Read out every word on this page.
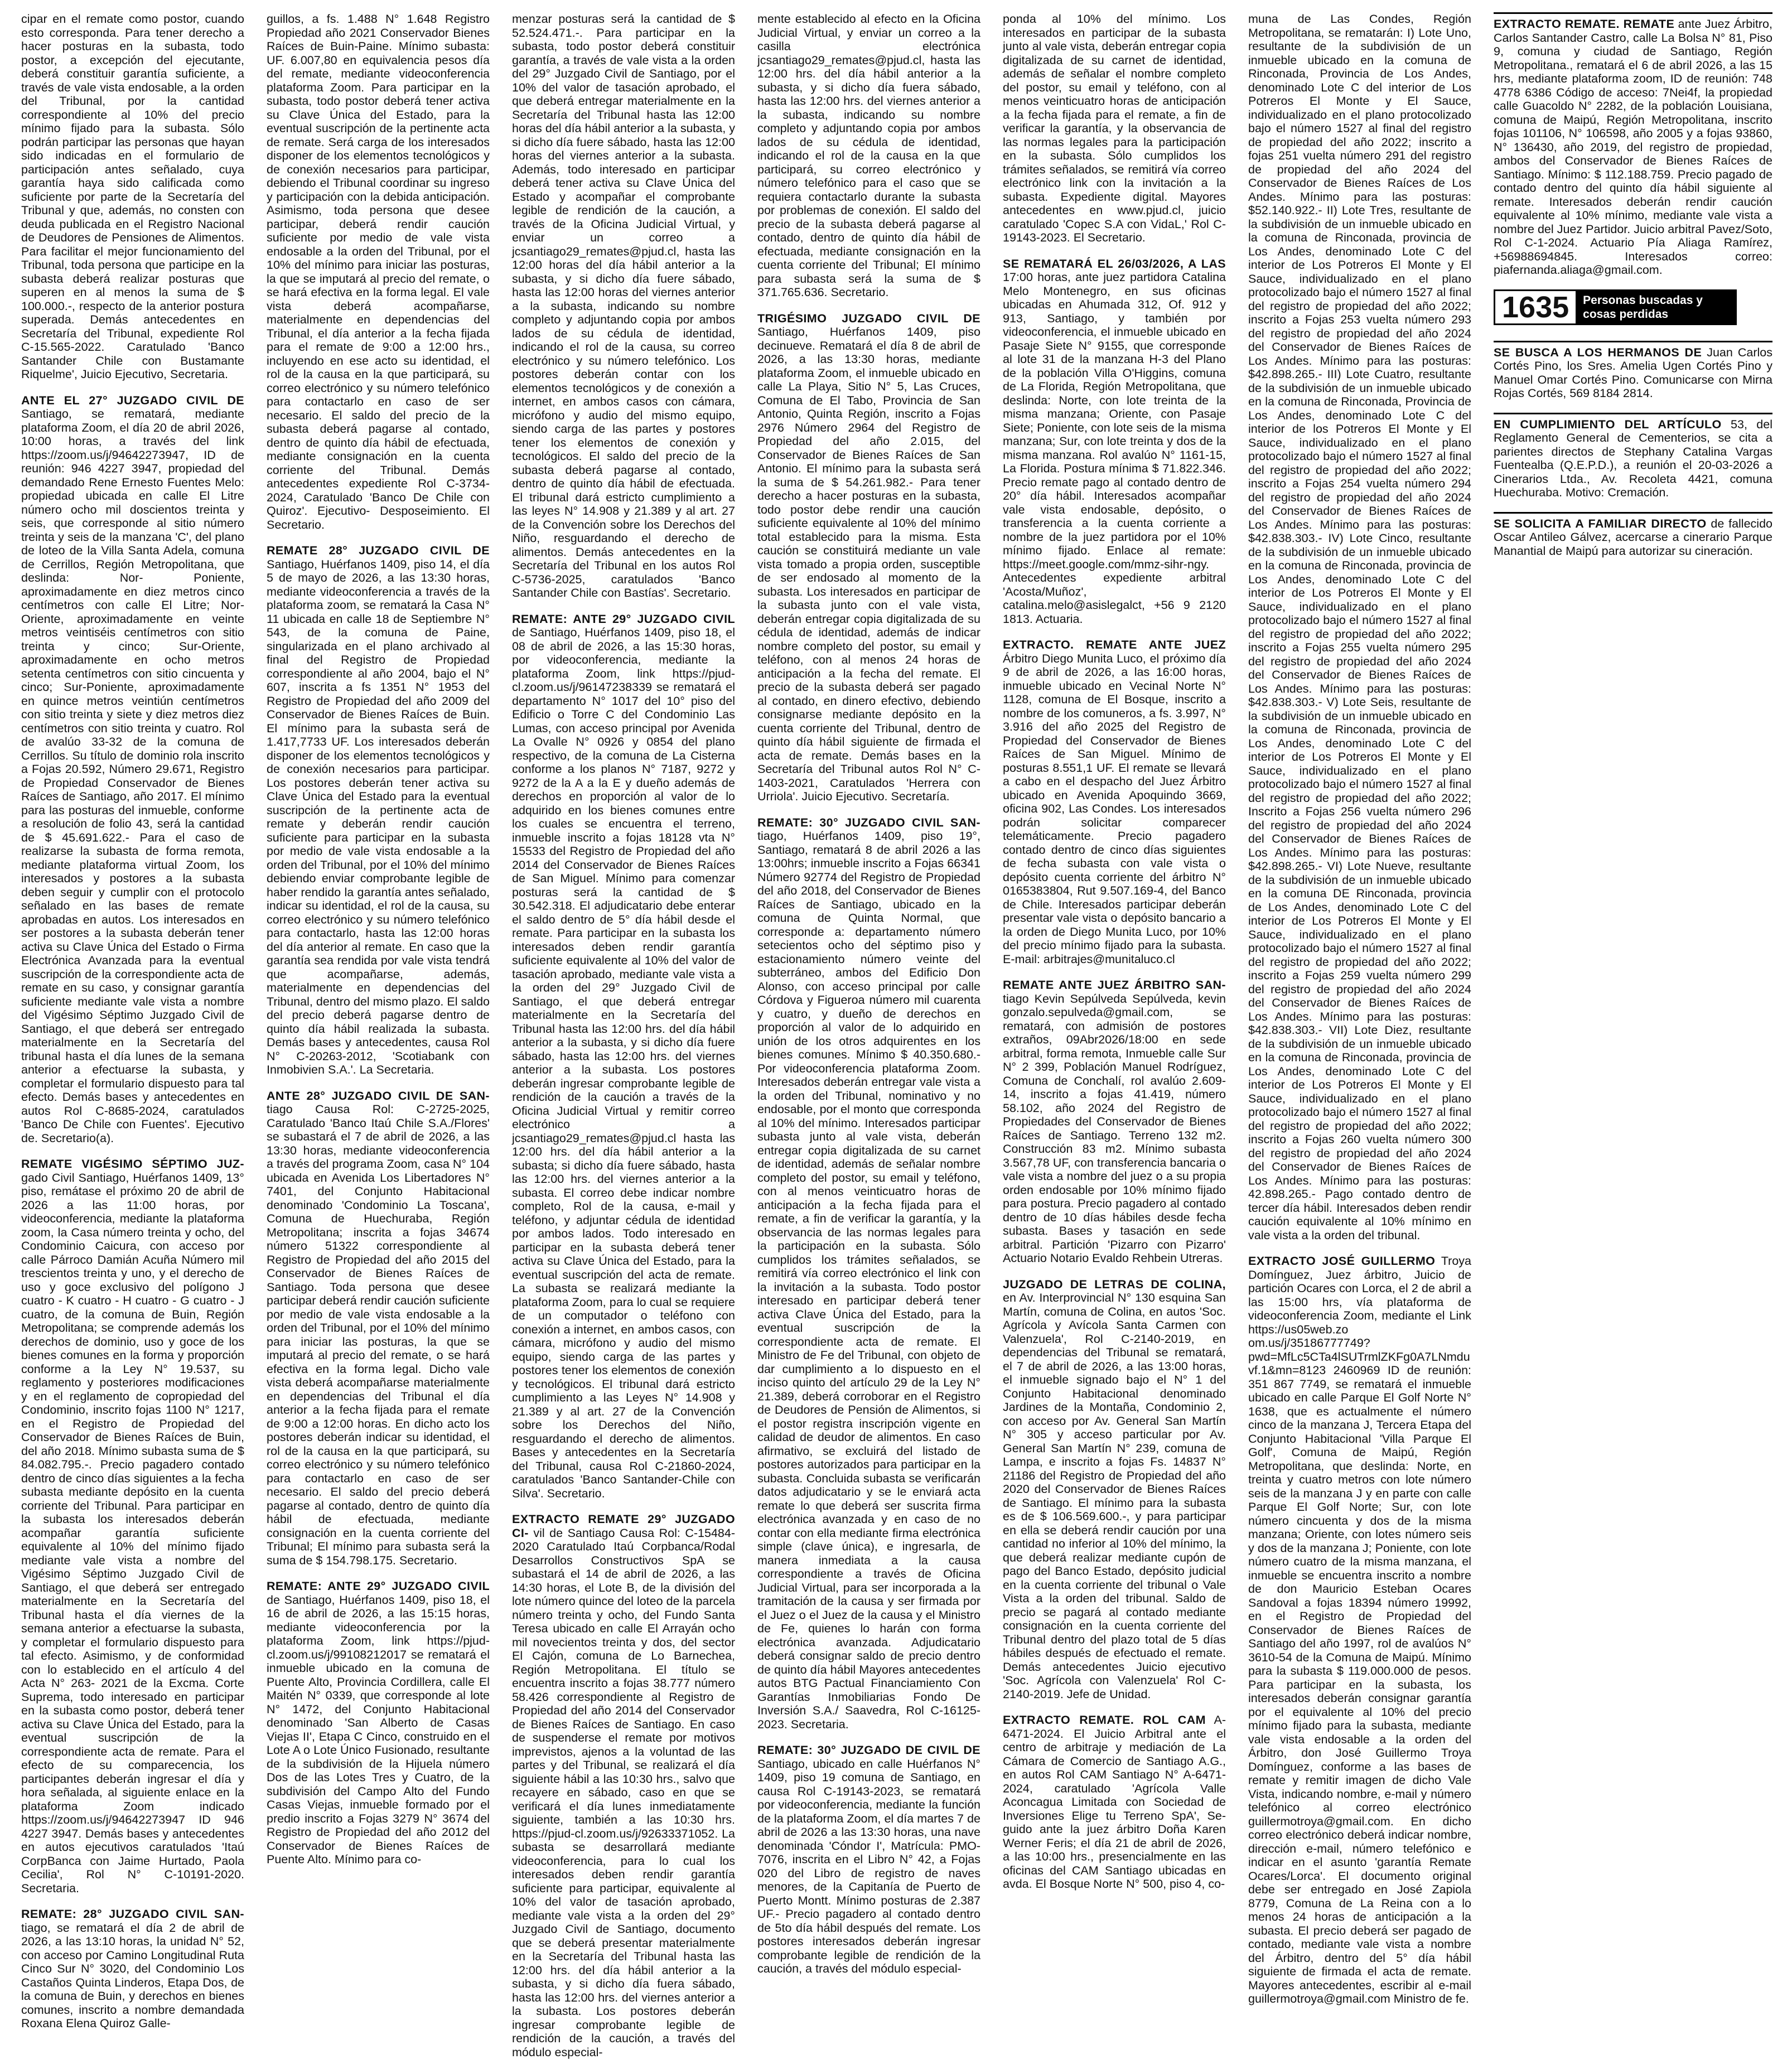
cipar en el remate como postor, cuando esto corresponda. Para tener derecho a hacer posturas en la subasta, todo postor, a excepción del ejecutante, deberá constituir garantía suficiente, a través de vale vista endosable, a la orden del Tribunal, por la cantidad correspondiente al 10% del precio mínimo fijado para la subasta. Sólo podrán participar las personas que hayan sido indicadas en el formulario de participación antes señalado, cuya garantía haya sido calificada como suficiente por parte de la Secretaría del Tribunal y que, además, no consten con deuda publicada en el Registro Nacional de Deudores de Pensiones de Alimentos. Para facilitar el mejor funcionamiento del Tribunal, toda persona que participe en la subasta deberá realizar posturas que superen en al menos la suma de $ 100.000.-, respecto de la anterior postura superada. Demás antecedentes en Secretaría del Tribunal, expediente Rol C-15.565-2022. Caratulado 'Banco Santander Chile con Bustamante Riquelme', Juicio Ejecutivo, Secretaria.

ANTE EL 27° JUZGADO CIVIL DE Santiago, se rematará, mediante plataforma Zoom, el día 20 de abril 2026, 10:00 horas, a través del link https://zoom.us/j/94642273947, ID de reunión: 946 4227 3947, propiedad del demandado Rene Ernesto Fuentes Melo: propiedad ubicada en calle El Litre número ocho mil doscientos treinta y seis, que corresponde al sitio número treinta y seis de la manzana 'C', del plano de loteo de la Villa Santa Adela, comuna de Cerrillos, Región Metropolitana, que deslinda: Nor- Poniente, aproximadamente en diez metros cinco centímetros con calle El Litre; Nor-Oriente, aproximadamente en veinte metros veintiséis centímetros con sitio treinta y cinco; Sur-Oriente, aproximadamente en ocho metros setenta centímetros con sitio cincuenta y cinco; Sur-Poniente, aproximadamente en quince metros veintiún centímetros con sitio treinta y siete y diez metros diez centímetros con sitio treinta y cuatro. Rol de avalúo 33-32 de la comuna de Cerrillos. Su título de dominio rola inscrito a Fojas 20.592, Número 29.671, Registro de Propiedad Conservador de Bienes Raíces de Santiago, año 2017. El mínimo para las posturas del inmueble, conforme a resolución de folio 43, será la cantidad de $ 45.691.622.- Para el caso de realizarse la subasta de forma remota, mediante plataforma virtual Zoom, los interesados y postores a la subasta deben seguir y cumplir con el protocolo señalado en las bases de remate aprobadas en autos. Los interesados en ser postores a la subasta deberán tener activa su Clave Única del Estado o Firma Electrónica Avanzada para la eventual suscripción de la correspondiente acta de remate en su caso, y consignar garantía suficiente mediante vale vista a nombre del Vigésimo Séptimo Juzgado Civil de Santiago, el que deberá ser entregado materialmente en la Secretaría del tribunal hasta el día lunes de la semana anterior a efectuarse la subasta, y completar el formulario dispuesto para tal efecto. Demás bases y antecedentes en autos Rol C-8685-2024, caratulados 'Banco De Chile con Fuentes'. Ejecutivo de. Secretario(a).

REMATE VIGÉSIMO SÉPTIMO JUZ- gado Civil Santiago, Huérfanos 1409, 13° piso, remátase el próximo 20 de abril de 2026 a las 11:00 horas, por videoconferencia, mediante la plataforma zoom, la Casa número treinta y ocho, del Condominio Caicura, con acceso por calle Párroco Damián Acuña Número mil trescientos treinta y uno, y el derecho de uso y goce exclusivo del polígono J cuatro - K cuatro - H cuatro - G cuatro - J cuatro, de la comuna de Buin, Región Metropolitana; se comprende además los derechos de dominio, uso y goce de los bienes comunes en la forma y proporción conforme a la Ley N° 19.537, su reglamento y posteriores modificaciones y en el reglamento de copropiedad del Condominio, inscrito fojas 1100 N° 1217, en el Registro de Propiedad del Conservador de Bienes Raíces de Buin, del año 2018. Mínimo subasta suma de $ 84.082.795.-. Precio pagadero contado dentro de cinco días siguientes a la fecha subasta mediante depósito en la cuenta corriente del Tribunal. Para participar en la subasta los interesados deberán acompañar garantía suficiente equivalente al 10% del mínimo fijado mediante vale vista a nombre del Vigésimo Séptimo Juzgado Civil de Santiago, el que deberá ser entregado materialmente en la Secretaría del Tribunal hasta el día viernes de la semana anterior a efectuarse la subasta, y completar el formulario dispuesto para tal efecto. Asimismo, y de conformidad con lo establecido en el artículo 4 del Acta N° 263- 2021 de la Excma. Corte Suprema, todo interesado en participar en la subasta como postor, deberá tener activa su Clave Única del Estado, para la eventual suscripción de la correspondiente acta de remate. Para el efecto de su comparecencia, los participantes deberán ingresar el día y hora señalada, al siguiente enlace en la plataforma Zoom indicado https://zoom.us/j/94642273947 ID 946 4227 3947. Demás bases y antecedentes en autos ejecutivos caratulados 'Itaú CorpBanca con Jaime Hurtado, Paola Cecilia', Rol N° C-10191-2020. Secretaria.

REMATE: 28° JUZGADO CIVIL SAN- tiago, se rematará el día 2 de abril de 2026, a las 13:10 horas, la unidad N° 52, con acceso por Camino Longitudinal Ruta Cinco Sur N° 3020, del Condominio Los Castaños Quinta Linderos, Etapa Dos, de la comuna de Buin, y derechos en bienes comunes, inscrito a nombre demandada Roxana Elena Quiroz Galle-

guillos, a fs. 1.488 N° 1.648 Registro Propiedad año 2021 Conservador Bienes Raíces de Buin-Paine. Mínimo subasta: UF. 6.007,80 en equivalencia pesos día del remate, mediante videoconferencia plataforma Zoom. Para participar en la subasta, todo postor deberá tener activa su Clave Única del Estado, para la eventual suscripción de la pertinente acta de remate. Será carga de los interesados disponer de los elementos tecnológicos y de conexión necesarios para participar, debiendo el Tribunal coordinar su ingreso y participación con la debida anticipación. Asimismo, toda persona que desee participar, deberá rendir caución suficiente por medio de vale vista endosable a la orden del Tribunal, por el 10% del mínimo para iniciar las posturas, la que se imputará al precio del remate, o se hará efectiva en la forma legal. El vale vista deberá acompañarse, materialmente en dependencias del Tribunal, el día anterior a la fecha fijada para el remate de 9:00 a 12:00 hrs., incluyendo en ese acto su identidad, el rol de la causa en la que participará, su correo electrónico y su número telefónico para contactarlo en caso de ser necesario. El saldo del precio de la subasta deberá pagarse al contado, dentro de quinto día hábil de efectuada, mediante consignación en la cuenta corriente del Tribunal. Demás antecedentes expediente Rol C-3734-2024, Caratulado 'Banco De Chile con Quiroz'. Ejecutivo- Desposeimiento. El Secretario.

REMATE 28° JUZGADO CIVIL DE Santiago, Huérfanos 1409, piso 14, el día 5 de mayo de 2026, a las 13:30 horas, mediante videoconferencia a través de la plataforma zoom, se rematará la Casa N° 11 ubicada en calle 18 de Septiembre N° 543, de la comuna de Paine, singularizada en el plano archivado al final del Registro de Propiedad correspondiente al año 2004, bajo el N° 607, inscrita a fs 1351 N° 1953 del Registro de Propiedad del año 2009 del Conservador de Bienes Raíces de Buin. El mínimo para la subasta será de 1.417,7733 UF. Los interesados deberán disponer de los elementos tecnológicos y de conexión necesarios para participar. Los postores deberán tener activa su Clave Única del Estado para la eventual suscripción de la pertinente acta de remate y deberán rendir caución suficiente para participar en la subasta por medio de vale vista endosable a la orden del Tribunal, por el 10% del mínimo debiendo enviar comprobante legible de haber rendido la garantía antes señalado, indicar su identidad, el rol de la causa, su correo electrónico y su número telefónico para contactarlo, hasta las 12:00 horas del día anterior al remate. En caso que la garantía sea rendida por vale vista tendrá que acompañarse, además, materialmente en dependencias del Tribunal, dentro del mismo plazo. El saldo del precio deberá pagarse dentro de quinto día hábil realizada la subasta. Demás bases y antecedentes, causa Rol N° C-20263-2012, 'Scotiabank con Inmobivien S.A.'. La Secretaria.

ANTE 28° JUZGADO CIVIL DE SAN- tiago Causa Rol: C-2725-2025, Caratulado 'Banco Itaú Chile S.A./Flores' se subastará el 7 de abril de 2026, a las 13:30 horas, mediante videoconferencia a través del programa Zoom, casa N° 104 ubicada en Avenida Los Libertadores N° 7401, del Conjunto Habitacional denominado 'Condominio La Toscana', Comuna de Huechuraba, Región Metropolitana; inscrita a fojas 34674 número 51322 correspondiente al Registro de Propiedad del año 2015 del Conservador de Bienes Raíces de Santiago. Toda persona que desee participar deberá rendir caución suficiente por medio de vale vista endosable a la orden del Tribunal, por el 10% del mínimo para iniciar las posturas, la que se imputará al precio del remate, o se hará efectiva en la forma legal. Dicho vale vista deberá acompañarse materialmente en dependencias del Tribunal el día anterior a la fecha fijada para el remate de 9:00 a 12:00 horas. En dicho acto los postores deberán indicar su identidad, el rol de la causa en la que participará, su correo electrónico y su número telefónico para contactarlo en caso de ser necesario. El saldo del precio deberá pagarse al contado, dentro de quinto día hábil de efectuada, mediante consignación en la cuenta corriente del Tribunal; El mínimo para subasta será la suma de $ 154.798.175. Secretario.

REMATE: ANTE 29° JUZGADO CIVIL de Santiago, Huérfanos 1409, piso 18, el 16 de abril de 2026, a las 15:15 horas, mediante videoconferencia por la plataforma Zoom, link https://pjud-cl.zoom.us/j/99108212017 se rematará el inmueble ubicado en la comuna de Puente Alto, Provincia Cordillera, calle El Maitén N° 0339, que corresponde al lote N° 1472, del Conjunto Habitacional denominado 'San Alberto de Casas Viejas II', Etapa C Cinco, construido en el Lote A o Lote Único Fusionado, resultante de la subdivisión de la Hijuela número Dos de las Lotes Tres y Cuatro, de la subdivisión del Campo Alto del Fundo Casas Viejas, inmueble formado por el predio inscrito a Fojas 3279 N° 3674 del Registro de Propiedad del año 2012 del Conservador de Bienes Raíces de Puente Alto. Mínimo para co-

menzar posturas será la cantidad de $ 52.524.471.-. Para participar en la subasta, todo postor deberá constituir garantía, a través de vale vista a la orden del 29° Juzgado Civil de Santiago, por el 10% del valor de tasación aprobado, el que deberá entregar materialmente en la Secretaría del Tribunal hasta las 12:00 horas del día hábil anterior a la subasta, y si dicho día fuere sábado, hasta las 12:00 horas del viernes anterior a la subasta. Además, todo interesado en participar deberá tener activa su Clave Única del Estado y acompañar el comprobante legible de rendición de la caución, a través de la Oficina Judicial Virtual, y enviar un correo a jcsantiago29_remates@pjud.cl, hasta las 12:00 horas del día hábil anterior a la subasta, y si dicho día fuere sábado, hasta las 12:00 horas del viernes anterior a la subasta, indicando su nombre completo y adjuntando copia por ambos lados de su cédula de identidad, indicando el rol de la causa, su correo electrónico y su número telefónico. Los postores deberán contar con los elementos tecnológicos y de conexión a internet, en ambos casos con cámara, micrófono y audio del mismo equipo, siendo carga de las partes y postores tener los elementos de conexión y tecnológicos. El saldo del precio de la subasta deberá pagarse al contado, dentro de quinto día hábil de efectuada. El tribunal dará estricto cumplimiento a las leyes N° 14.908 y 21.389 y al art. 27 de la Convención sobre los Derechos del Niño, resguardando el derecho de alimentos. Demás antecedentes en la Secretaría del Tribunal en los autos Rol C-5736-2025, caratulados 'Banco Santander Chile con Bastías'. Secretario.

REMATE: ANTE 29° JUZGADO CIVIL de Santiago, Huérfanos 1409, piso 18, el 08 de abril de 2026, a las 15:30 horas, por videoconferencia, mediante la plataforma Zoom, link https://pjud-cl.zoom.us/j/96147238339 se rematará el departamento N° 1017 del 10° piso del Edificio o Torre C del Condominio Las Lumas, con acceso principal por Avenida La Ovalle N° 0926 y 0854 del plano respectivo, de la comuna de La Cisterna conforme a los planos N° 7187, 9272 y 9272 de la A a la E y dueño además de derechos en proporción al valor de lo adquirido en los bienes comunes entre los cuales se encuentra el terreno, inmueble inscrito a fojas 18128 vta N° 15533 del Registro de Propiedad del año 2014 del Conservador de Bienes Raíces de San Miguel. Mínimo para comenzar posturas será la cantidad de $ 30.542.318. El adjudicatario debe enterar el saldo dentro de 5° día hábil desde el remate. Para participar en la subasta los interesados deben rendir garantía suficiente equivalente al 10% del valor de tasación aprobado, mediante vale vista a la orden del 29° Juzgado Civil de Santiago, el que deberá entregar materialmente en la Secretaría del Tribunal hasta las 12:00 hrs. del día hábil anterior a la subasta, y si dicho día fuere sábado, hasta las 12:00 hrs. del viernes anterior a la subasta. Los postores deberán ingresar comprobante legible de rendición de la caución a través de la Oficina Judicial Virtual y remitir correo electrónico a jcsantiago29_remates@pjud.cl hasta las 12:00 hrs. del día hábil anterior a la subasta; si dicho día fuere sábado, hasta las 12:00 hrs. del viernes anterior a la subasta. El correo debe indicar nombre completo, Rol de la causa, e-mail y teléfono, y adjuntar cédula de identidad por ambos lados. Todo interesado en participar en la subasta deberá tener activa su Clave Única del Estado, para la eventual suscripción del acta de remate. La subasta se realizará mediante la plataforma Zoom, para lo cual se requiere de un computador o teléfono con conexión a internet, en ambos casos, con cámara, micrófono y audio del mismo equipo, siendo carga de las partes y postores tener los elementos de conexión y tecnológicos. El tribunal dará estricto cumplimiento a las Leyes N° 14.908 y 21.389 y al art. 27 de la Convención sobre los Derechos del Niño, resguardando el derecho de alimentos. Bases y antecedentes en la Secretaría del Tribunal, causa Rol C-21860-2024, caratulados 'Banco Santander-Chile con Silva'. Secretario.

EXTRACTO REMATE 29° JUZGADO CI- vil de Santiago Causa Rol: C-15484-2020 Caratulado Itaú Corpbanca/Rodal Desarrollos Constructivos SpA se subastará el 14 de abril de 2026, a las 14:30 horas, el Lote B, de la división del lote número quince del loteo de la parcela número treinta y ocho, del Fundo Santa Teresa ubicado en calle El Arrayán ocho mil novecientos treinta y dos, del sector El Cajón, comuna de Lo Barnechea, Región Metropolitana. El título se encuentra inscrito a fojas 38.777 número 58.426 correspondiente al Registro de Propiedad del año 2014 del Conservador de Bienes Raíces de Santiago. En caso de suspenderse el remate por motivos imprevistos, ajenos a la voluntad de las partes y del Tribunal, se realizará el día siguiente hábil a las 10:30 hrs., salvo que recayere en sábado, caso en que se verificará el día lunes inmediatamente siguiente, también a las 10:30 hrs. https://pjud-cl.zoom.us/j/92633371052. La subasta se desarrollará mediante videoconferencia, para lo cual los interesados deben rendir garantía suficiente para participar, equivalente al 10% del valor de tasación aprobado, mediante vale vista a la orden del 29° Juzgado Civil de Santiago, documento que se deberá presentar materialmente en la Secretaría del Tribunal hasta las 12:00 hrs. del día hábil anterior a la subasta, y si dicho día fuera sábado, hasta las 12:00 hrs. del viernes anterior a la subasta. Los postores deberán ingresar comprobante legible de rendición de la caución, a través del módulo especial-

mente establecido al efecto en la Oficina Judicial Virtual, y enviar un correo a la casilla electrónica jcsantiago29_remates@pjud.cl, hasta las 12:00 hrs. del día hábil anterior a la subasta, y si dicho día fuera sábado, hasta las 12:00 hrs. del viernes anterior a la subasta, indicando su nombre completo y adjuntando copia por ambos lados de su cédula de identidad, indicando el rol de la causa en la que participará, su correo electrónico y número telefónico para el caso que se requiera contactarlo durante la subasta por problemas de conexión. El saldo del precio de la subasta deberá pagarse al contado, dentro de quinto día hábil de efectuada, mediante consignación en la cuenta corriente del Tribunal; El mínimo para subasta será la suma de $ 371.765.636. Secretario.

TRIGÉSIMO JUZGADO CIVIL DE Santiago, Huérfanos 1409, piso decinueve. Rematará el día 8 de abril de 2026, a las 13:30 horas, mediante plataforma Zoom, el inmueble ubicado en calle La Playa, Sitio N° 5, Las Cruces, Comuna de El Tabo, Provincia de San Antonio, Quinta Región, inscrito a Fojas 2976 Número 2964 del Registro de Propiedad del año 2.015, del Conservador de Bienes Raíces de San Antonio. El mínimo para la subasta será la suma de $ 54.261.982.- Para tener derecho a hacer posturas en la subasta, todo postor debe rendir una caución suficiente equivalente al 10% del mínimo total establecido para la misma. Esta caución se constituirá mediante un vale vista tomado a propia orden, susceptible de ser endosado al momento de la subasta. Los interesados en participar de la subasta junto con el vale vista, deberán entregar copia digitalizada de su cédula de identidad, además de indicar nombre completo del postor, su email y teléfono, con al menos 24 horas de anticipación a la fecha del remate. El precio de la subasta deberá ser pagado al contado, en dinero efectivo, debiendo consignarse mediante depósito en la cuenta corriente del Tribunal, dentro de quinto día hábil siguiente de firmada el acta de remate. Demás bases en la Secretaría del Tribunal autos Rol N° C-1403-2021, Caratulados 'Herrera con Urriola'. Juicio Ejecutivo. Secretaría.

REMATE: 30° JUZGADO CIVIL SAN- tiago, Huérfanos 1409, piso 19°, Santiago, rematará 8 de abril 2026 a las 13:00hrs; inmueble inscrito a Fojas 66341 Número 92774 del Registro de Propiedad del año 2018, del Conservador de Bienes Raíces de Santiago, ubicado en la comuna de Quinta Normal, que corresponde a: departamento número setecientos ocho del séptimo piso y estacionamiento número veinte del subterráneo, ambos del Edificio Don Alonso, con acceso principal por calle Córdova y Figueroa número mil cuarenta y cuatro, y dueño de derechos en proporción al valor de lo adquirido en unión de los otros adquirentes en los bienes comunes. Mínimo $ 40.350.680.- Por videoconferencia plataforma Zoom. Interesados deberán entregar vale vista a la orden del Tribunal, nominativo y no endosable, por el monto que corresponda al 10% del mínimo. Interesados participar subasta junto al vale vista, deberán entregar copia digitalizada de su carnet de identidad, además de señalar nombre completo del postor, su email y teléfono, con al menos veinticuatro horas de anticipación a la fecha fijada para el remate, a fin de verificar la garantía, y la observancia de las normas legales para la participación en la subasta. Sólo cumplidos los trámites señalados, se remitirá vía correo electrónico el link con la invitación a la subasta. Todo postor interesado en participar deberá tener activa Clave Única del Estado, para la eventual suscripción de la correspondiente acta de remate. El Ministro de Fe del Tribunal, con objeto de dar cumplimiento a lo dispuesto en el inciso quinto del artículo 29 de la Ley N° 21.389, deberá corroborar en el Registro de Deudores de Pensión de Alimentos, si el postor registra inscripción vigente en calidad de deudor de alimentos. En caso afirmativo, se excluirá del listado de postores autorizados para participar en la subasta. Concluida subasta se verificarán datos adjudicatario y se le enviará acta remate lo que deberá ser suscrita firma electrónica avanzada y en caso de no contar con ella mediante firma electrónica simple (clave única), e ingresarla, de manera inmediata a la causa correspondiente a través de Oficina Judicial Virtual, para ser incorporada a la tramitación de la causa y ser firmada por el Juez o el Juez de la causa y el Ministro de Fe, quienes lo harán con forma electrónica avanzada. Adjudicatario deberá consignar saldo de precio dentro de quinto día hábil Mayores antecedentes autos BTG Pactual Financiamiento Con Garantías Inmobiliarias Fondo De Inversión S.A./ Saavedra, Rol C-16125-2023. Secretaria.

REMATE: 30° JUZGADO DE CIVIL DE Santiago, ubicado en calle Huérfanos N° 1409, piso 19 comuna de Santiago, en causa Rol C-19143-2023, se rematará por videoconferencia, mediante la función de la plataforma Zoom, el día martes 7 de abril de 2026 a las 13:30 horas, una nave denominada 'Cóndor I', Matrícula: PMO-7076, inscrita en el Libro N° 42, a Fojas 020 del Libro de registro de naves menores, de la Capitanía de Puerto de Puerto Montt. Mínimo posturas de 2.387 UF.- Precio pagadero al contado dentro de 5to día hábil después del remate. Los postores interesados deberán ingresar comprobante legible de rendición de la caución, a través del módulo especial-

ponda al 10% del mínimo. Los interesados en participar de la subasta junto al vale vista, deberán entregar copia digitalizada de su carnet de identidad, además de señalar el nombre completo del postor, su email y teléfono, con al menos veinticuatro horas de anticipación a la fecha fijada para el remate, a fin de verificar la garantía, y la observancia de las normas legales para la participación en la subasta. Sólo cumplidos los trámites señalados, se remitirá vía correo electrónico link con la invitación a la subasta. Expediente digital. Mayores antecedentes en www.pjud.cl, juicio caratulado 'Copec S.A con VidaL,' Rol C-19143-2023. El Secretario.

SE REMATARÁ EL 26/03/2026, A LAS 17:00 horas, ante juez partidora Catalina Melo Montenegro, en sus oficinas ubicadas en Ahumada 312, Of. 912 y 913, Santiago, y también por videoconferencia, el inmueble ubicado en Pasaje Siete N° 9155, que corresponde al lote 31 de la manzana H-3 del Plano de la población Villa O'Higgins, comuna de La Florida, Región Metropolitana, que deslinda: Norte, con lote treinta de la misma manzana; Oriente, con Pasaje Siete; Poniente, con lote seis de la misma manzana; Sur, con lote treinta y dos de la misma manzana. Rol avalúo N° 1161-15, La Florida. Postura mínima $ 71.822.346. Precio remate pago al contado dentro de 20° día hábil. Interesados acompañar vale vista endosable, depósito, o transferencia a la cuenta corriente a nombre de la juez partidora por el 10% mínimo fijado. Enlace al remate: https://meet.google.com/mmz-sihr-ngy. Antecedentes expediente arbitral 'Acosta/Muñoz', catalina.melo@asislegalct, +56 9 2120 1813. Actuaria.

EXTRACTO. REMATE ANTE JUEZ Árbitro Diego Munita Luco, el próximo día 9 de abril de 2026, a las 16:00 horas, inmueble ubicado en Vecinal Norte N° 1128, comuna de El Bosque, inscrito a nombre de los comuneros, a fs. 3.997, N° 3.916 del año 2025 del Registro de Propiedad del Conservador de Bienes Raíces de San Miguel. Mínimo de posturas 8.551,1 UF. El remate se llevará a cabo en el despacho del Juez Árbitro ubicado en Avenida Apoquindo 3669, oficina 902, Las Condes. Los interesados podrán solicitar comparecer telemáticamente. Precio pagadero contado dentro de cinco días siguientes de fecha subasta con vale vista o depósito cuenta corriente del árbitro N° 0165383804, Rut 9.507.169-4, del Banco de Chile. Interesados participar deberán presentar vale vista o depósito bancario a la orden de Diego Munita Luco, por 10% del precio mínimo fijado para la subasta. E-mail: arbitrajes@munitaluco.cl

REMATE ANTE JUEZ ÁRBITRO SAN- tiago Kevin Sepúlveda Sepúlveda, kevin gonzalo.sepulveda@gmail.com, se rematará, con admisión de postores extraños, 09Abr2026/18:00 en sede arbitral, forma remota, Inmueble calle Sur N° 2 399, Población Manuel Rodríguez, Comuna de Conchalí, rol avalúo 2.609-14, inscrito a fojas 41.419, número 58.102, año 2024 del Registro de Propiedades del Conservador de Bienes Raíces de Santiago. Terreno 132 m2. Construcción 83 m2. Mínimo subasta 3.567,78 UF, con transferencia bancaria o vale vista a nombre del juez o a su propia orden endosable por 10% mínimo fijado para postura. Precio pagadero al contado dentro de 10 días hábiles desde fecha subasta. Bases y tasación en sede arbitral. Partición 'Pizarro con Pizarro' Actuario Notario Evaldo Rehbein Utreras.

JUZGADO DE LETRAS DE COLINA, en Av. Interprovincial N° 130 esquina San Martín, comuna de Colina, en autos 'Soc. Agrícola y Avícola Santa Carmen con Valenzuela', Rol C-2140-2019, en dependencias del Tribunal se rematará, el 7 de abril de 2026, a las 13:00 horas, el inmueble signado bajo el N° 1 del Conjunto Habitacional denominado Jardines de la Montaña, Condominio 2, con acceso por Av. General San Martín N° 305 y acceso particular por Av. General San Martín N° 239, comuna de Lampa, e inscrito a fojas Fs. 14837 N° 21186 del Registro de Propiedad del año 2020 del Conservador de Bienes Raíces de Santiago. El mínimo para la subasta es de $ 106.569.600.-, y para participar en ella se deberá rendir caución por una cantidad no inferior al 10% del mínimo, la que deberá realizar mediante cupón de pago del Banco Estado, depósito judicial en la cuenta corriente del tribunal o Vale Vista a la orden del tribunal. Saldo de precio se pagará al contado mediante consignación en la cuenta corriente del Tribunal dentro del plazo total de 5 días hábiles después de efectuado el remate. Demás antecedentes Juicio ejecutivo 'Soc. Agrícola con Valenzuela' Rol C-2140-2019. Jefe de Unidad.

EXTRACTO REMATE. ROL CAM A-6471-2024. El Juicio Arbitral ante el centro de arbitraje y mediación de La Cámara de Comercio de Santiago A.G., en autos Rol CAM Santiago N° A-6471-2024, caratulado 'Agrícola Valle Aconcagua Limitada con Sociedad de Inversiones Elige tu Terreno SpA', Se-guido ante la juez árbitro Doña Karen Werner Feris; el día 21 de abril de 2026, a las 10:00 hrs., presencialmente en las oficinas del CAM Santiago ubicadas en avda. El Bosque Norte N° 500, piso 4, co-

muna de Las Condes, Región Metropolitana, se rematarán: I) Lote Uno, resultante de la subdivisión de un inmueble ubicado en la comuna de Rinconada, Provincia de Los Andes, denominado Lote C del interior de Los Potreros El Monte y El Sauce, individualizado en el plano protocolizado bajo el número 1527 al final del registro de propiedad del año 2022; inscrito a fojas 251 vuelta número 291 del registro de propiedad del año 2024 del Conservador de Bienes Raíces de Los Andes. Mínimo para las posturas: $52.140.922.- II) Lote Tres, resultante de la subdivisión de un inmueble ubicado en la comuna de Rinconada, provincia de Los Andes, denominado Lote C del interior de Los Potreros El Monte y El Sauce, individualizado en el plano protocolizado bajo el número 1527 al final del registro de propiedad del año 2022; inscrito a Fojas 253 vuelta número 293 del registro de propiedad del año 2024 del Conservador de Bienes Raíces de Los Andes. Mínimo para las posturas: $42.898.265.- III) Lote Cuatro, resultante de la subdivisión de un inmueble ubicado en la comuna de Rinconada, Provincia de Los Andes, denominado Lote C del interior de los Potreros El Monte y El Sauce, individualizado en el plano protocolizado bajo el número 1527 al final del registro de propiedad del año 2022; inscrito a Fojas 254 vuelta número 294 del registro de propiedad del año 2024 del Conservador de Bienes Raíces de Los Andes. Mínimo para las posturas: $42.838.303.- IV) Lote Cinco, resultante de la subdivisión de un inmueble ubicado en la comuna de Rinconada, provincia de Los Andes, denominado Lote C del interior de Los Potreros El Monte y El Sauce, individualizado en el plano protocolizado bajo el número 1527 al final del registro de propiedad del año 2022; inscrito a Fojas 255 vuelta número 295 del registro de propiedad del año 2024 del Conservador de Bienes Raíces de Los Andes. Mínimo para las posturas: $42.838.303.- V) Lote Seis, resultante de la subdivisión de un inmueble ubicado en la comuna de Rinconada, provincia de Los Andes, denominado Lote C del interior de Los Potreros El Monte y El Sauce, individualizado en el plano protocolizado bajo el número 1527 al final del registro de propiedad del año 2022; Inscrito a Fojas 256 vuelta número 296 del registro de propiedad del año 2024 del Conservador de Bienes Raíces de Los Andes. Mínimo para las posturas: $42.898.265.- VI) Lote Nueve, resultante de la subdivisión de un inmueble ubicado en la comuna DE Rinconada, provincia de Los Andes, denominado Lote C del interior de Los Potreros El Monte y El Sauce, individualizado en el plano protocolizado bajo el número 1527 al final del registro de propiedad del año 2022; inscrito a Fojas 259 vuelta número 299 del registro de propiedad del año 2024 del Conservador de Bienes Raíces de Los Andes. Mínimo para las posturas: $42.838.303.- VII) Lote Diez, resultante de la subdivisión de un inmueble ubicado en la comuna de Rinconada, provincia de Los Andes, denominado Lote C del interior de Los Potreros El Monte y El Sauce, individualizado en el plano protocolizado bajo el número 1527 al final del registro de propiedad del año 2022; inscrito a Fojas 260 vuelta número 300 del registro de propiedad del año 2024 del Conservador de Bienes Raíces de Los Andes. Mínimo para las posturas: 42.898.265.- Pago contado dentro de tercer día hábil. Interesados deben rendir caución equivalente al 10% mínimo en vale vista a la orden del tribunal.

EXTRACTO JOSÉ GUILLERMO Troya Domínguez, Juez árbitro, Juicio de partición Ocares con Lorca, el 2 de abril a las 15:00 hrs, vía plataforma de videoconferencia Zoom, mediante el Link https://us05web.zo om.us/j/35186777749?pwd=MfLc5CTa4lSUTrmlZKFg0A7LNmduvf.1&mn=8123 2460969 ID de reunión: 351 867 7749, se rematará el inmueble ubicado en calle Parque El Golf Norte N° 1638, que es actualmente el número cinco de la manzana J, Tercera Etapa del Conjunto Habitacional 'Villa Parque El Golf', Comuna de Maipú, Región Metropolitana, que deslinda: Norte, en treinta y cuatro metros con lote número seis de la manzana J y en parte con calle Parque El Golf Norte; Sur, con lote número cincuenta y dos de la misma manzana; Oriente, con lotes número seis y dos de la manzana J; Poniente, con lote número cuatro de la misma manzana, el inmueble se encuentra inscrito a nombre de don Mauricio Esteban Ocares Sandoval a fojas 18394 número 19992, en el Registro de Propiedad del Conservador de Bienes Raíces de Santiago del año 1997, rol de avalúos N° 3610-54 de la Comuna de Maipú. Mínimo para la subasta $ 119.000.000 de pesos. Para participar en la subasta, los interesados deberán consignar garantía por el equivalente al 10% del precio mínimo fijado para la subasta, mediante vale vista endosable a la orden del Árbitro, don José Guillermo Troya Domínguez, conforme a las bases de remate y remitir imagen de dicho Vale Vista, indicando nombre, e-mail y número telefónico al correo electrónico guillermotroya@gmail.com. En dicho correo electrónico deberá indicar nombre, dirección e-mail, número telefónico e indicar en el asunto 'garantía Remate Ocares/Lorca'. El documento original debe ser entregado en José Zapiola 8779, Comuna de La Reina con a lo menos 24 horas de anticipación a la subasta. El precio deberá ser pagado de contado, mediante vale vista a nombre del Árbitro, dentro del 5° día hábil siguiente de firmada el acta de remate. Mayores antecedentes, escribir al e-mail guillermotroya@gmail.com Ministro de fe.

EXTRACTO REMATE. REMATE ante Juez Árbitro, Carlos Santander Castro, calle La Bolsa N° 81, Piso 9, comuna y ciudad de Santiago, Región Metropolitana., rematará el 6 de abril 2026, a las 15 hrs, mediante plataforma zoom, ID de reunión: 748 4778 6386 Código de acceso: 7Nei4f, la propiedad calle Guacoldo N° 2282, de la población Louisiana, comuna de Maipú, Región Metropolitana, inscrito fojas 101106, N° 106598, año 2005 y a fojas 93860, N° 136430, año 2019, del registro de propiedad, ambos del Conservador de Bienes Raíces de Santiago. Mínimo: $ 112.188.759. Precio pagado de contado dentro del quinto día hábil siguiente al remate. Interesados deberán rendir caución equivalente al 10% mínimo, mediante vale vista a nombre del Juez Partidor. Juicio arbitral Pavez/Soto, Rol C-1-2024. Actuario Pía Aliaga Ramírez, +56988694845. Interesados correo: piafernanda.aliaga@gmail.com.

1635	Personas buscadas y cosas perdidas

SE BUSCA A LOS HERMANOS DE Juan Carlos Cortés Pino, los Sres. Amelia Ugen Cortés Pino y Manuel Omar Cortés Pino. Comunicarse con Mirna Rojas Cortés, 569 8184 2814.

EN CUMPLIMIENTO DEL ARTÍCULO 53, del Reglamento General de Cementerios, se cita a parientes directos de Stephany Catalina Vargas Fuentealba (Q.E.P.D.), a reunión el 20-03-2026 a Cinerarios Ltda., Av. Recoleta 4421, comuna Huechuraba. Motivo: Cremación.

SE SOLICITA A FAMILIAR DIRECTO de fallecido Oscar Antileo Gálvez, acercarse a cinerario Parque Manantial de Maipú para autorizar su cineración.
